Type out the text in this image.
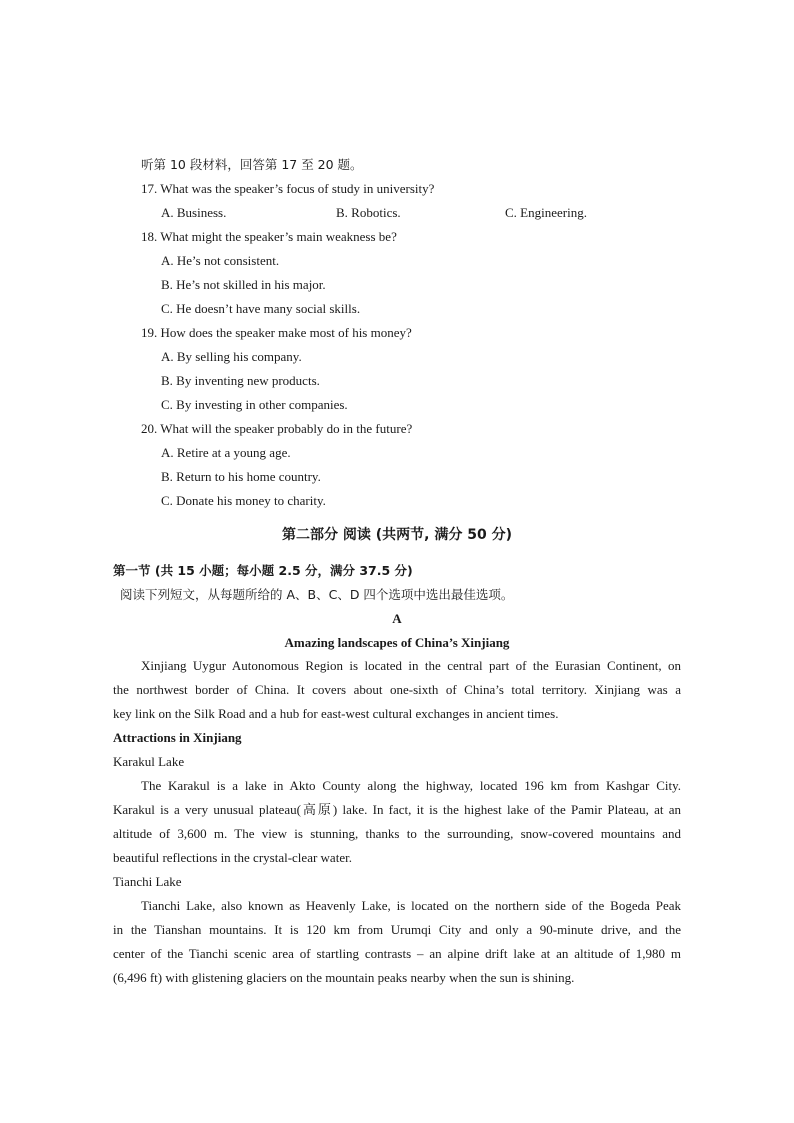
听第 10 段材料，回答第 17 至 20 题。
17. What was the speaker’s focus of study in university?
A. Business.	B. Robotics.	C. Engineering.
18. What might the speaker’s main weakness be?
A. He’s not consistent.
B. He’s not skilled in his major.
C. He doesn’t have many social skills.
19. How does the speaker make most of his money?
A. By selling his company.
B. By inventing new products.
C. By investing in other companies.
20. What will the speaker probably do in the future?
A. Retire at a young age.
B. Return to his home country.
C. Donate his money to charity.
第二部分 阅读 (共两节, 满分 50 分)
第一节 (共 15 小题；每小题 2.5 分，满分 37.5 分)
阅读下列短文，从每题所给的 A、B、C、D 四个选项中选出最佳选项。
A
Amazing landscapes of China’s Xinjiang
Xinjiang Uygur Autonomous Region is located in the central part of the Eurasian Continent, on
the northwest border of China. It covers about one-sixth of China’s total territory. Xinjiang was a
key link on the Silk Road and a hub for east-west cultural exchanges in ancient times.
Attractions in Xinjiang
Karakul Lake
The Karakul is a lake in Akto County along the highway, located 196 km from Kashgar City.
Karakul is a very unusual plateau(高原) lake. In fact, it is the highest lake of the Pamir Plateau, at an
altitude of 3,600 m. The view is stunning, thanks to the surrounding, snow-covered mountains and
beautiful reflections in the crystal-clear water.
Tianchi Lake
Tianchi Lake, also known as Heavenly Lake, is located on the northern side of the Bogeda Peak
in the Tianshan mountains. It is 120 km from Urumqi City and only a 90-minute drive, and the
center of the Tianchi scenic area of startling contrasts – an alpine drift lake at an altitude of 1,980 m
(6,496 ft) with glistening glaciers on the mountain peaks nearby when the sun is shining.
